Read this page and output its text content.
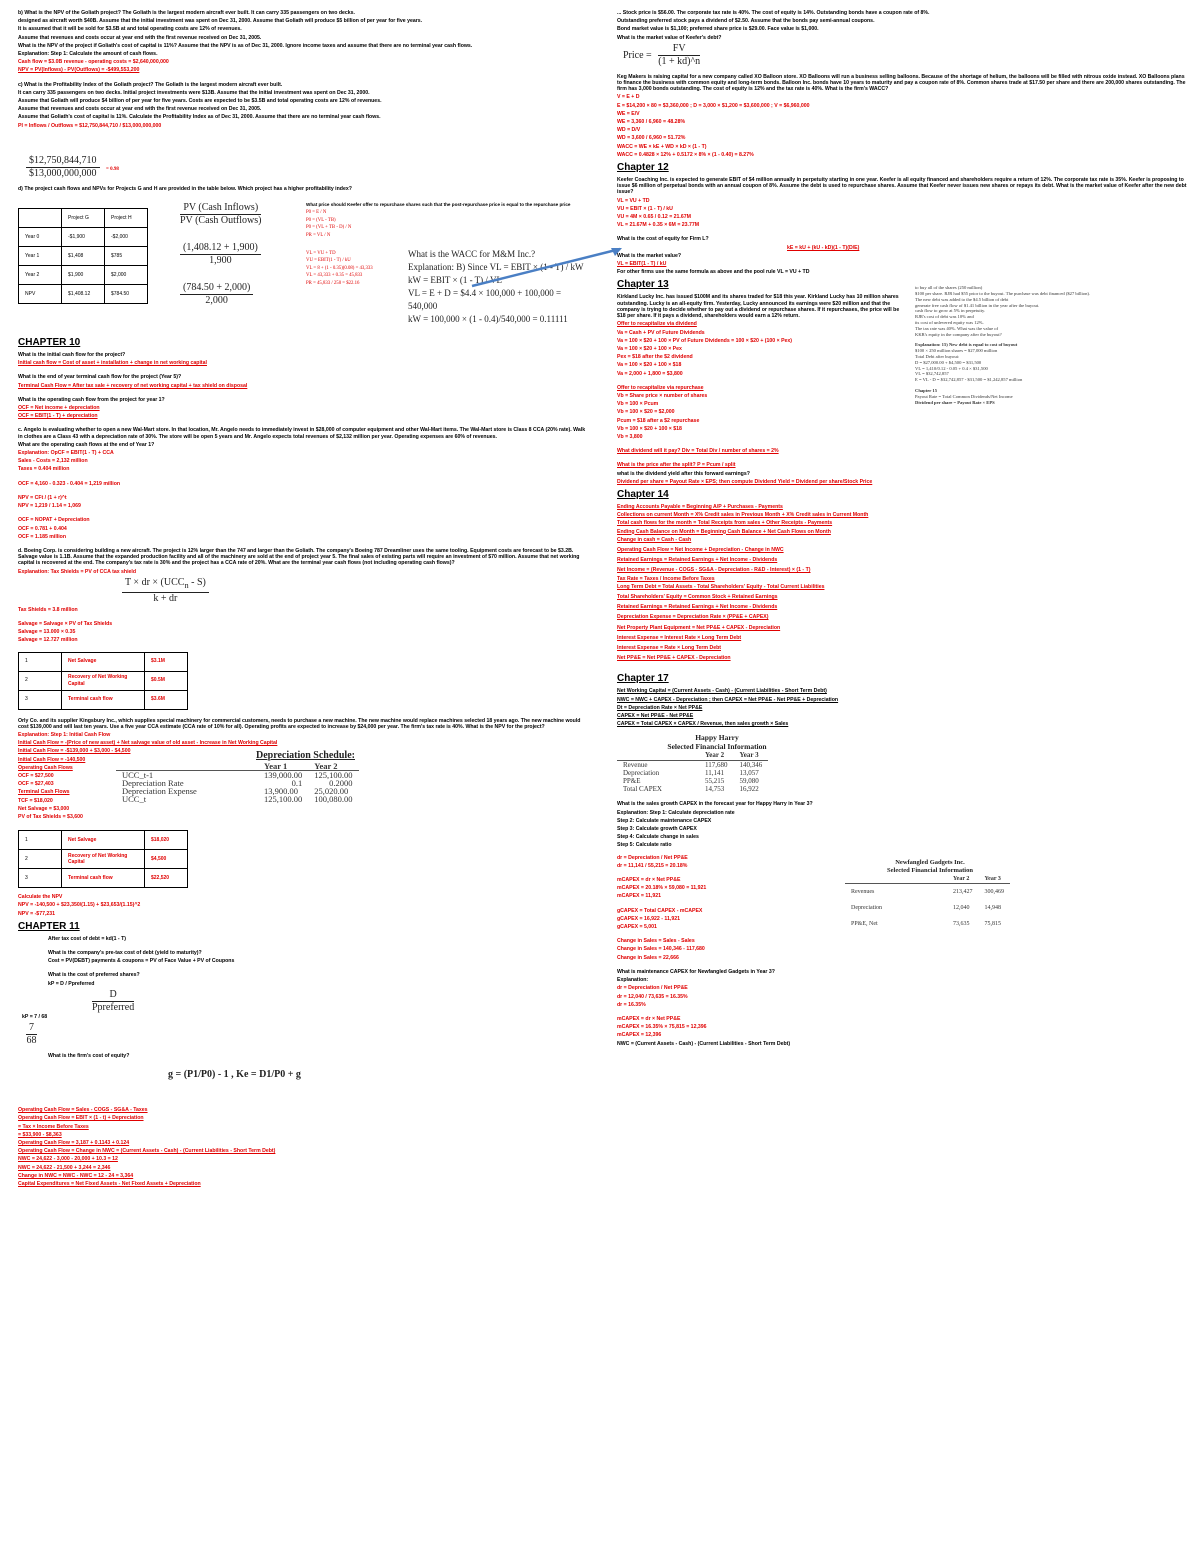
b) What is the NPV of the Goliath project? The Goliath is the largest modern aircraft ever built. It can carry 335 passengers on two decks.

designed as aircraft worth $40B. Assume that the initial investment was spent on Dec 31, 2000. Assume that Goliath will produce $5 billion of per year for five years.

It is assumed that it will be sold for $3.5B at and total operating costs are 12% of revenues.

Assume that revenues and costs occur at year end with the first revenue received on Dec 31, 2005.

What is the NPV of the project if Goliath's cost of capital is 11%? Assume that the NPV is as of Dec 31, 2000. Ignore income taxes and assume that there are no terminal year cash flows.

Explanation: Step 1: Calculate the amount of cash flows.

Cash flow = $3.0B revenue - operating costs = $2,640,000,000

NPV = PV(Inflows) - PV(Outflows) = -$499,553,200

c) What is the Profitability Index of the Goliath project? The Goliath is the largest modern aircraft ever built.

It can carry 335 passengers on two decks. Initial project investments were $13B. Assume that the initial investment was spent on Dec 31, 2000.

Assume that Goliath will produce $4 billion of per year for five years. Costs are expected to be $3.5B and total operating costs are 12% of revenues.

Assume that revenues and costs occur at year end with the first revenue received on Dec 31, 2005.

Assume that Goliath's cost of capital is 11%. Calculate the Profitability Index as of Dec 31, 2000. Assume that there are no terminal year cash flows.

PI = Inflows / Outflows = $12,750,844,710 / $13,000,000,000

$\frac{\$12,750,844,710}{\$13,000,000,000} = 0.98$

d) The project cash flows and NPVs for Projects G and H are provided in the table below. Which project has a higher profitability index?

	Project G	Project H
Year 0	-$1,900	-$2,000
Year 1	$1,408	$785
Year 2	$1,900	$2,000
NPV	$1,408.12	$784.50
$\frac{\text{PV (Cash Inflows)}}{\text{PV (Cash Outflows)}}$
$\frac{(1,408.12 + 1,900)}{1,900}$
$\frac{(784.50 + 2,000)}{2,000}$

What price should Keefer offer to repurchase shares such that the post-repurchase price is equal to the repurchase price

P0 = E / N

P0 = (VL - TB)

P0 = (VL + TB - D) / N

PR = VL / N

VL = VU + TD

VU = EBIT(1 - T) / kU

VL = 8 + (1 - 0.35)(0.08) = 43,333

VL = 43,333 + 0.35 = 45,833

PR = 45,833 / 250 = $22.16

What is the WACC for M&M Inc.?
Explanation: B) Since VL = EBIT × (1 - T) / kW
kW = EBIT × (1 - T) / VL
VL = E + D = $4.4 × 100,000 + 100,000 = 540,000
kW = 100,000 × (1 - 0.4)/540,000 = 0.11111
CHAPTER 10

What is the initial cash flow for the project?

Initial cash flow = Cost of asset + installation + change in net working capital

What is the end of year terminal cash flow for the project (Year 5)?

Terminal Cash Flow = After tax sale + recovery of net working capital + tax shield on disposal

What is the operating cash flow from the project for year 1?

OCF = Net income + depreciation

OCF = EBIT(1 - T) + depreciation

c. Angelo is evaluating whether to open a new Wal-Mart store. In that location, Mr. Angelo needs to immediately invest in $28,000 of computer equipment and other Wal-Mart items. The Wal-Mart store is Class 8 CCA (20% rate). Walk in clothes are a Class 43 with a depreciation rate of 30%. The store will be open 5 years and Mr. Angelo expects total revenues of $2,132 million per year. Operating expenses are 60% of revenues.

What are the operating cash flows at the end of Year 1?

Explanation: OpCF = EBIT(1 - T) + CCA

Sales - Costs = 2,132 million

Taxes = 0.404 million

OCF = 4,160 - 0.323 - 0.404 = 1,219 million

NPV = CFt / (1 + r)^t

NPV = 1,219 / 1.14 = 1,069

OCF = NOPAT + Depreciation

OCF = 0.781 + 0.404

OCF = 1.185 million

d. Boeing Corp. is considering building a new aircraft. The project is 12% larger than the 747 and larger than the Goliath. The company's Boeing 787 Dreamliner uses the same tooling. Equipment costs are forecast to be $3.2B. Salvage value is 1.1B. Assume that the expanded production facility and all of the machinery are sold at the end of project year 5. The final sales of existing parts will require an investment of $70 million. Assume that net working capital is recovered at the end. The company's tax rate is 30% and the project has a CCA rate of 20%. What are the terminal year cash flows (not including operating cash flows)?

Explanation: Tax Shields = PV of CCA tax shield

$\frac{T \times dr \times (UCC_n - S)}{k + dr}$

Tax Shields = 3.8 million

Salvage = Salvage × PV of Tax Shields

Salvage = 13.000 × 0.35

Salvage = 12.727 million

1	Net Salvage	$3.1M
2	Recovery of Net Working Capital	$0.5M
3	Terminal cash flow	$3.6M

Orly Co. and its supplier Kingsbury Inc., which supplies special machinery for commercial customers, needs to purchase a new machine. The new machine would replace machines selected 18 years ago. The new machine would cost $139,000 and will last ten years. Use a five year CCA estimate (CCA rate of 10% for all). Operating profits are expected to increase by $24,000 per year. The firm's tax rate is 40%. What is the NPV for the project?

Explanation: Step 1: Initial Cash Flow

Initial Cash Flow = -(Price of new asset) + Net salvage value of old asset - Increase in Net Working Capital

Initial Cash Flow = -$139,000 + $3,000 - $4,500

Initial Cash Flow = -140,500

Operating Cash Flows

OCF = $27,500

OCF = $27,403

Terminal Cash Flows

TCF = $18,020

Net Salvage = $3,000

PV of Tax Shields = $3,600

Depreciation Schedule:
	Year 1	Year 2
UCC_t-1	139,000.00	125,100.00
Depreciation Rate	0.1	0.2000
Depreciation Expense	13,900.00	25,020.00
UCC_t	125,100.00	100,080.00
1	Net Salvage	$18,020
2	Recovery of Net Working Capital	$4,500
3	Terminal cash flow	$22,520

Calculate the NPV

NPV = -140,500 + $23,350/(1.15) + $23,653/(1.15)^2

NPV = -$77,231

CHAPTER 11

After tax cost of debt = kd(1 - T)

What is the company's pre-tax cost of debt (yield to maturity)?

Cost = PV(DEBT) payments & coupons = PV of Face Value + PV of Coupons

What is the cost of preferred shares?

kP = D / Ppreferred

$\frac{D}{\text{Ppreferred}}$

kP = 7 / 68

$\frac{7}{68}$

What is the firm's cost of equity?

g = (P1/P0) - 1 , Ke = D1/P0 + g

Operating Cash Flow = Sales - COGS - SG&A - Taxes

Operating Cash Flow = EBIT × (1 - t) + Depreciation

= Tax × Income Before Taxes

= $33,900 - $8,363

Operating Cash Flow = 3,187 + 0.1143 + 0.124

Operating Cash Flow = Change in NWC = (Current Assets - Cash) - (Current Liabilities - Short Term Debt)

NWC = 24,622 - 3,000 - 20,000 + 10.3 = 12

NWC = 24,622 - 21,500 + 3,244 = 2,346

Change in NWC = NWC - NWC = 12 - 24 = 3,364

Capital Expenditures = Net Fixed Assets - Net Fixed Assets + Depreciation

... Stock price is $56.00. The corporate tax rate is 40%. The cost of equity is 14%. Outstanding bonds have a coupon rate of 8%.

Outstanding preferred stock pays a dividend of $2.50. Assume that the bonds pay semi-annual coupons.

Bond market value is $1,100; preferred share price is $29.00. Face value is $1,000.

What is the market value of Keefer's debt?

Price = $\frac{FV}{(1 + kd)\^{}n}$

Keg Makers is raising capital for a new company called XO Balloon store. XO Balloons will run a business selling balloons. Because of the shortage of helium, the balloons will be filled with nitrous oxide instead. XO Balloons plans to finance the business with common equity and long-term bonds. Balloon Inc. bonds have 10 years to maturity and pay a coupon rate of 8%. Common shares trade at $17.50 per share and there are 200,000 shares outstanding. The firm has 3,000 bonds outstanding. The cost of equity is 12% and the tax rate is 40%. What is the firm's WACC?

V = E + D

E = $14,200 × 80 = $3,360,000 ; D = 3,000 × $1,200 = $3,600,000 ; V = $6,960,000

WE = E/V

WE = 3,360 / 6,960 = 48.28%

WD = D/V

WD = 3,600 / 6,960 = 51.72%

WACC = WE × kE + WD × kD × (1 - T)

WACC = 0.4828 × 12% + 0.5172 × 8% × (1 - 0.40) = 8.27%

Chapter 12

Keefer Coaching Inc. is expected to generate EBIT of $4 million annually in perpetuity starting in one year. Keefer is all equity financed and shareholders require a return of 12%. The corporate tax rate is 35%. Keefer is proposing to issue $6 million of perpetual bonds with an annual coupon of 8%. Assume the debt is used to repurchase shares. Assume that Keefer never issues new shares or repays its debt. What is the market value of Keefer after the new debt issue?

VL = VU + TD

VU = EBIT × (1 - T) / kU

VU = 4M × 0.65 / 0.12 = 21.67M

VL = 21.67M + 0.35 × 6M = 23.77M

What is the cost of equity for Firm L?

kE = kU + (kU - kD)(1 - T)(D/E)

What is the market value?

VL = EBIT(1 - T) / kU

For other firms use the same formula as above and the pool rule VL = VU + TD

Chapter 13

Kirkland Lucky Inc. has issued $100M and its shares traded for $18 this year. Kirkland Lucky has 10 million shares outstanding. Lucky is an all-equity firm. Yesterday, Lucky announced its earnings were $20 million and that the company is trying to decide whether to pay out a dividend or repurchase shares. If it repurchases, the price will be $18 per share. If it pays a dividend, shareholders would earn a 12% return.

Offer to recapitalize via dividend

Va = Cash + PV of Future Dividends

Va = 100 × $20 + 100 × PV of Future Dividends = 100 × $20 + (100 × Pex)

Va = 100 × $20 + 100 × Pex

Pex = $18 after the $2 dividend

Va = 100 × $20 + 100 × $18

Va = 2,000 + 1,800 = $3,800

Offer to recapitalize via repurchase

Vb = Share price × number of shares

Vb = 100 × Pcum

Vb = 100 × $20 = $2,000

Pcum = $18 after a $2 repurchase

Vb = 100 × $20 + 100 × $18

Vb = 3,800

to buy all of the shares (250 million)
$100 per share. RJR had $55 prior to the buyout. The purchase was debt financed ($27 billion).
The new debt was added to the $4.5 billion of debt
generate free cash flow of $1.41 billion in the year after the buyout.
cash flow to grow at 5% in perpetuity.
RJR's cost of debt was 10% and
its cost of unlevered equity was 12%.
The tax rate was 40%. What was the value of
KKR's equity in the company after the buyout?
Explanation: 15) New debt is equal to cost of buyout
$100 × 250 million shares = $27,000 million
Total Debt after buyout:
D = $27,000.00 + $4,500 = $31,500
VL = 1,410/0.12 - 0.05 + 0.4 × $31,500
VL = $32,742,857
E = VL - D = $32,742,857 - $31,500 = $1,242,857 million
Chapter 15
Payout Rate = Total Common Dividends/Net Income
Dividend per share = Payout Rate × EPS

What dividend will it pay? Div = Total Div / number of shares = 2%

What is the price after the split? P = Pcum / split

what is the dividend yield after this forward earnings?

Dividend per share = Payout Rate × EPS; then compute Dividend Yield = Dividend per share/Stock Price

Chapter 14

Ending Accounts Payable = Beginning A/P + Purchases - Payments

Collections on current Month = X% Credit sales in Previous Month + X% Credit sales in Current Month

Total cash flows for the month = Total Receipts from sales + Other Receipts - Payments

Ending Cash Balance on Month = Beginning Cash Balance + Net Cash Flows on Month

Change in cash = Cash - Cash

Operating Cash Flow = Net Income + Depreciation - Change in NWC

Retained Earnings = Retained Earnings + Net Income - Dividends

Net Income = (Revenue - COGS - SG&A - Depreciation - R&D - Interest) × (1 - T)

Tax Rate = Taxes / Income Before Taxes

Long Term Debt = Total Assets - Total Shareholders' Equity - Total Current Liabilities

Total Shareholders' Equity = Common Stock + Retained Earnings

Retained Earnings = Retained Earnings + Net Income - Dividends

Depreciation Expense = Depreciation Rate × (PP&E + CAPEX)

Net Property Plant Equipment = Net PP&E + CAPEX - Depreciation

Interest Expense = Interest Rate × Long Term Debt

Interest Expense = Rate × Long Term Debt

Net PP&E = Net PP&E + CAPEX - Depreciation

Chapter 17

Net Working Capital = (Current Assets - Cash) - (Current Liabilities - Short Term Debt)

NWC = NWC + CAPEX - Depreciation ; then CAPEX = Net PP&E - Net PP&E + Depreciation

Dt = Depreciation Rate × Net PP&E

CAPEX = Net PP&E - Net PP&E

CAPEX = Total CAPEX × CAPEX / Revenue, then sales growth × Sales

Happy Harry
Selected Financial Information
	Year 2	Year 3
Revenue	117,680	140,346
Depreciation	11,141	13,057
PP&E	55,215	59,080
Total CAPEX	14,753	16,922

What is the sales growth CAPEX in the forecast year for Happy Harry in Year 3?

Explanation: Step 1: Calculate depreciation rate

Step 2: Calculate maintenance CAPEX

Step 3: Calculate growth CAPEX

Step 4: Calculate change in sales

Step 5: Calculate ratio

dr = Depreciation / Net PP&E

dr = 11,141 / 55,215 = 20.18%

mCAPEX = dr × Net PP&E

mCAPEX = 20.18% × 59,080 = 11,921

mCAPEX = 11,921

gCAPEX = Total CAPEX - mCAPEX

gCAPEX = 16,922 - 11,921

gCAPEX = 5,001

Change in Sales = Sales - Sales

Change in Sales = 140,346 - 117,680

Change in Sales = 22,666

What is maintenance CAPEX for Newfangled Gadgets in Year 3?

Explanation:

dr = Depreciation / Net PP&E

dr = 12,040 / 73,635 = 16.35%

dr = 16.35%

mCAPEX = dr × Net PP&E

mCAPEX = 16.35% × 75,815 = 12,396

mCAPEX = 12,396

NWC = (Current Assets - Cash) - (Current Liabilities - Short Term Debt)

Newfangled Gadgets Inc.
Selected Financial Information
	Year 2	Year 3
Revenues	213,427	300,469
Depreciation	12,040	14,948
PP&E, Net	73,635	75,815
